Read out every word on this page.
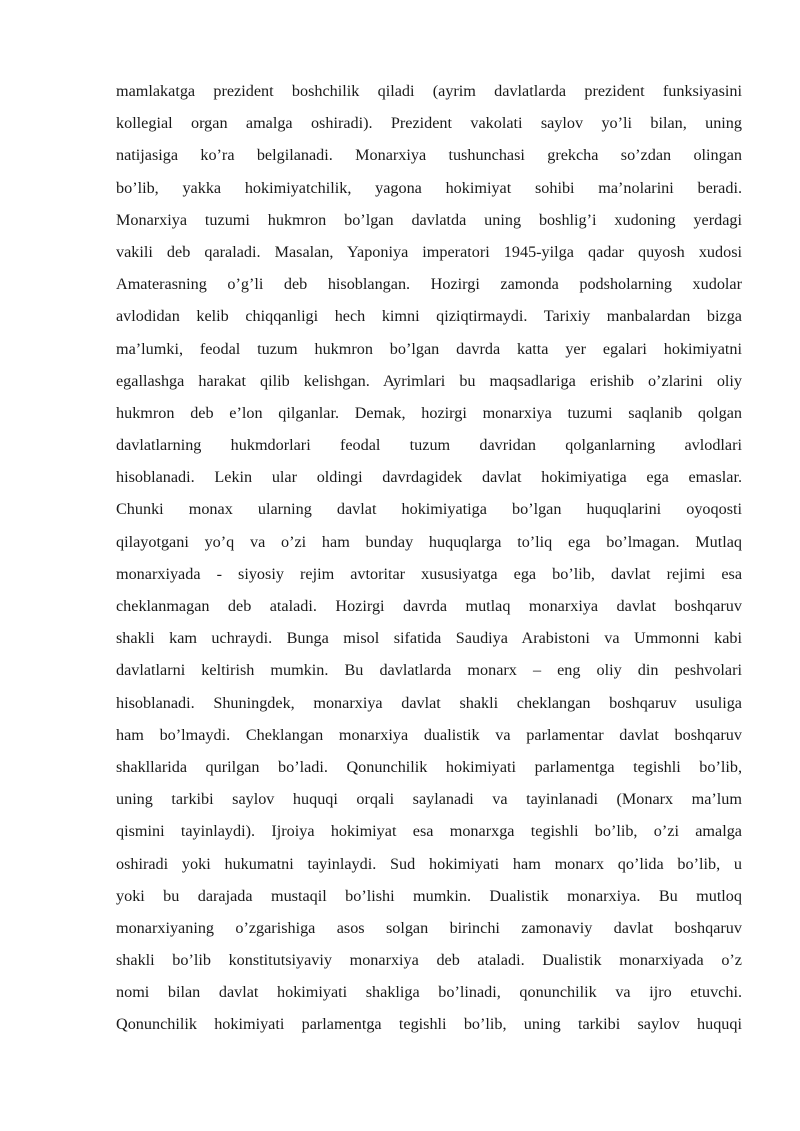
mamlakatga prezident boshchilik qiladi (ayrim davlatlarda prezident funksiyasini
kollegial organ amalga oshiradi). Prezident vakolati saylov yo’li bilan, uning
natijasiga ko’ra belgilanadi. Monarxiya tushunchasi grekcha so’zdan olingan
bo’lib, yakka hokimiyatchilik, yagona hokimiyat sohibi ma’nolarini beradi.
Monarxiya tuzumi hukmron bo’lgan davlatda uning boshlig’i xudoning yerdagi
vakili deb qaraladi. Masalan, Yaponiya imperatori 1945-yilga qadar quyosh xudosi
Amaterasning o’g’li deb hisoblangan. Hozirgi zamonda podsholarning xudolar
avlodidan kelib chiqqanligi hech kimni qiziqtirmaydi. Tarixiy manbalardan bizga
ma’lumki, feodal tuzum hukmron bo’lgan davrda katta yer egalari hokimiyatni
egallashga harakat qilib kelishgan. Ayrimlari bu maqsadlariga erishib o’zlarini oliy
hukmron deb e’lon qilganlar. Demak, hozirgi monarxiya tuzumi saqlanib qolgan
davlatlarning hukmdorlari feodal tuzum davridan qolganlarning avlodlari
hisoblanadi. Lekin ular oldingi davrdagidek davlat hokimiyatiga ega emaslar.
Chunki monax ularning davlat hokimiyatiga bo’lgan huquqlarini oyoqosti
qilayotgani yo’q va o’zi ham bunday huquqlarga to’liq ega bo’lmagan. Mutlaq
monarxiyada - siyosiy rejim avtoritar xususiyatga ega bo’lib, davlat rejimi esa
cheklanmagan deb ataladi. Hozirgi davrda mutlaq monarxiya davlat boshqaruv
shakli kam uchraydi. Bunga misol sifatida Saudiya Arabistoni va Ummonni kabi
davlatlarni keltirish mumkin. Bu davlatlarda monarx – eng oliy din peshvolari
hisoblanadi. Shuningdek, monarxiya davlat shakli cheklangan boshqaruv usuliga
ham bo’lmaydi. Cheklangan monarxiya dualistik va parlamentar davlat boshqaruv
shakllarida qurilgan bo’ladi. Qonunchilik hokimiyati parlamentga tegishli bo’lib,
uning tarkibi saylov huquqi orqali saylanadi va tayinlanadi (Monarx ma’lum
qismini tayinlaydi). Ijroiya hokimiyat esa monarxga tegishli bo’lib, o’zi amalga
oshiradi yoki hukumatni tayinlaydi. Sud hokimiyati ham monarx qo’lida bo’lib, u
yoki bu darajada mustaqil bo’lishi mumkin. Dualistik monarxiya. Bu mutloq
monarxiyaning o’zgarishiga asos solgan birinchi zamonaviy davlat boshqaruv
shakli bo’lib konstitutsiyaviy monarxiya deb ataladi. Dualistik monarxiyada o’z
nomi bilan davlat hokimiyati shakliga bo’linadi, qonunchilik va ijro etuvchi.
Qonunchilik hokimiyati parlamentga tegishli bo’lib, uning tarkibi saylov huquqi
